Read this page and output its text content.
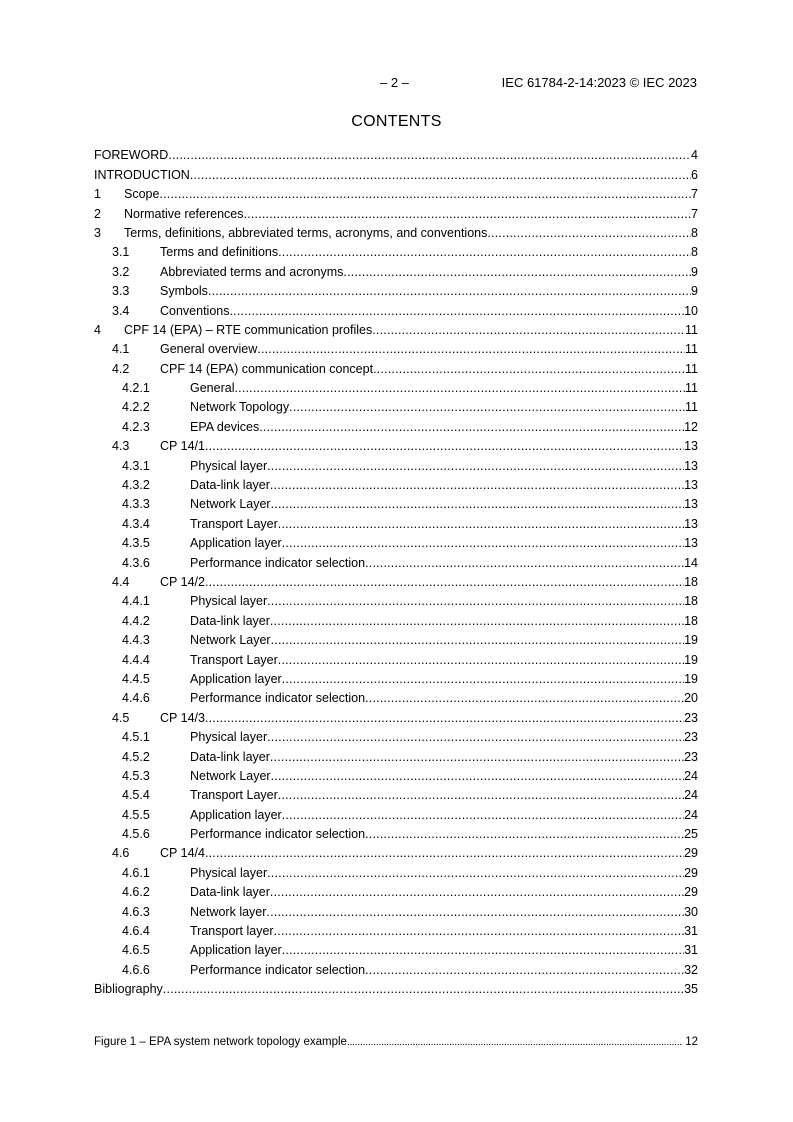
– 2 –	IEC 61784-2-14:2023 © IEC 2023
CONTENTS
FOREWORD .....	4
INTRODUCTION .....	6
1	Scope .....	7
2	Normative references .....	7
3	Terms, definitions, abbreviated terms, acronyms, and conventions .....	8
3.1	Terms and definitions .....	8
3.2	Abbreviated terms and acronyms .....	9
3.3	Symbols .....	9
3.4	Conventions .....	10
4	CPF 14 (EPA) – RTE communication profiles .....	11
4.1	General overview .....	11
4.2	CPF 14 (EPA) communication concept .....	11
4.2.1	General .....	11
4.2.2	Network Topology .....	11
4.2.3	EPA devices .....	12
4.3	CP 14/1 .....	13
4.3.1	Physical layer .....	13
4.3.2	Data-link layer .....	13
4.3.3	Network Layer .....	13
4.3.4	Transport Layer .....	13
4.3.5	Application layer .....	13
4.3.6	Performance indicator selection .....	14
4.4	CP 14/2 .....	18
4.4.1	Physical layer .....	18
4.4.2	Data-link layer .....	18
4.4.3	Network Layer .....	19
4.4.4	Transport Layer .....	19
4.4.5	Application layer .....	19
4.4.6	Performance indicator selection .....	20
4.5	CP 14/3 .....	23
4.5.1	Physical layer .....	23
4.5.2	Data-link layer .....	23
4.5.3	Network Layer .....	24
4.5.4	Transport Layer .....	24
4.5.5	Application layer .....	24
4.5.6	Performance indicator selection .....	25
4.6	CP 14/4 .....	29
4.6.1	Physical layer .....	29
4.6.2	Data-link layer .....	29
4.6.3	Network layer .....	30
4.6.4	Transport layer .....	31
4.6.5	Application layer .....	31
4.6.6	Performance indicator selection .....	32
Bibliography .....	35
Figure 1 – EPA system network topology example .....	12
